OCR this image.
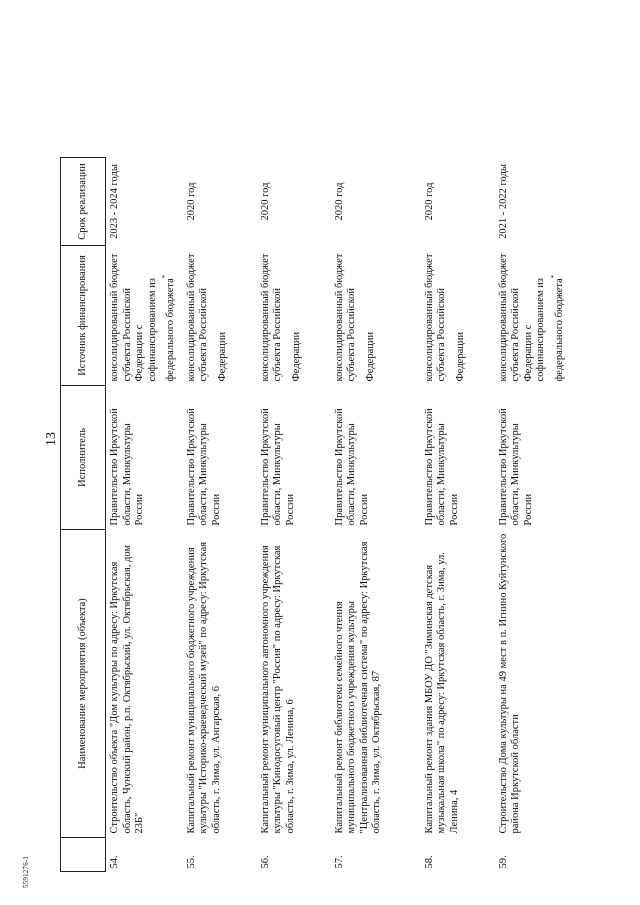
13
5591276-1
	Наименование мероприятия (объекта)	Исполнитель	Источник финансирования	Срок реализации	
54.	Строительство объекта "Дом культуры по адресу: Иркутская область, Чунский район, р.п. Октябрьский, ул. Октябрьская, дом 23Б"	Правительство Иркутской области, Минкультуры России	консолидированный бюджет субъекта Российской Федерации с софинансированием из федерального бюджета*	2023 - 2024 годы	
55.	Капитальный ремонт муниципального бюджетного учреждения культуры "Историко-краеведческий музей" по адресу: Иркутская область, г. Зима, ул. Ангарская, 6	Правительство Иркутской области, Минкультуры России	консолидированный бюджет субъекта Российской Федерации	2020 год	
56.	Капитальный ремонт муниципального автономного учреждения культуры "Кинодосуговый центр "Россия" по адресу: Иркутская область, г. Зима, ул. Ленина, 6	Правительство Иркутской области, Минкультуры России	консолидированный бюджет субъекта Российской Федерации	2020 год	
57.	Капитальный ремонт библиотеки семейного чтения муниципального бюджетного учреждения культуры "Централизованная библиотечная система" по адресу: Иркутская область, г. Зима, ул. Октябрьская, 87	Правительство Иркутской области, Минкультуры России	консолидированный бюджет субъекта Российской Федерации	2020 год	
58.	Капитальный ремонт здания МБОУ ДО "Зиминская детская музыкальная школа" по адресу: Иркутская область, г. Зима, ул. Ленина, 4	Правительство Иркутской области, Минкультуры России	консолидированный бюджет субъекта Российской Федерации	2020 год	
59.	Строительство Дома культуры на 49 мест в п. Игнино Куйтунского района Иркутской области	Правительство Иркутской области, Минкультуры России	консолидированный бюджет субъекта Российской Федерации с софинансированием из федерального бюджета*	2021 - 2022 годы	
